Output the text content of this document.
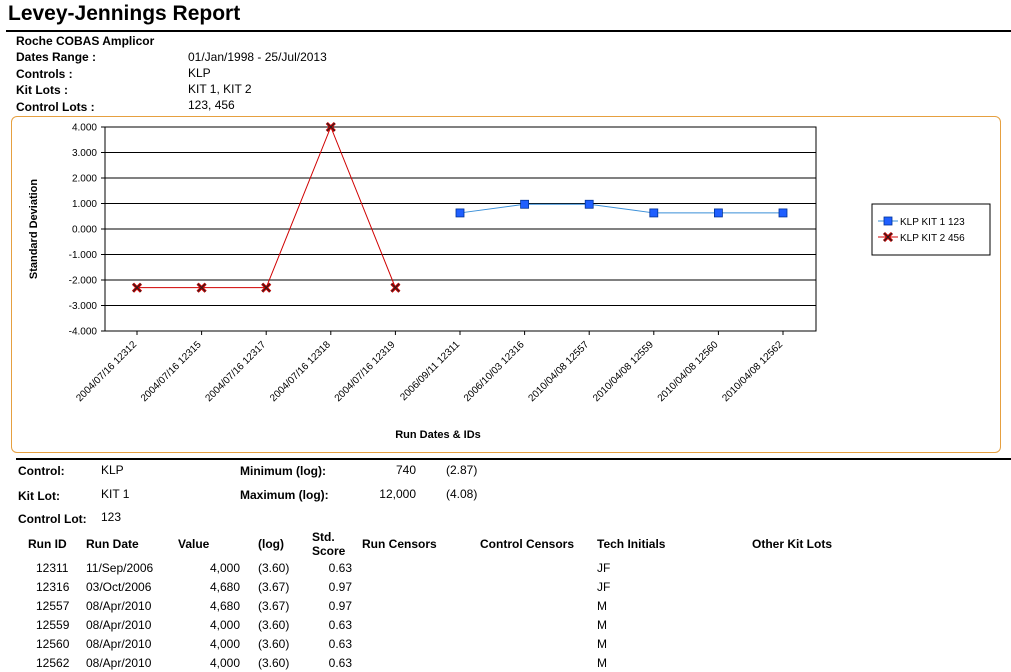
Levey-Jennings Report
Roche COBAS Amplicor
Dates Range :	01/Jan/1998 - 25/Jul/2013
Controls :	KLP
Kit Lots :	KIT 1, KIT 2
Control Lots :	123, 456
4.000
3.000
2.000
1.000
0.000
-1.000
-2.000
-3.000
-4.000
2004/07/16 12312 2004/07/16 12315 2004/07/16 12317 2004/07/16 12318 2004/07/16 12319 2006/09/11 12311 2006/10/03 12316 2010/04/08 12557 2010/04/08 12559 2010/04/08 12560 2010/04/08 12562
Standard Deviation
Run Dates & IDs
KLP KIT 1 123
KLP KIT 2 456
Control:	KLP
Kit Lot:	KIT 1
Control Lot: 123
Minimum (log):	740	(2.87)
Maximum (log):	12,000	(4.08)
Run ID	Run Date	Value	(log)	Std. Score	Run Censors	Control Censors	Tech Initials	Other Kit Lots
12311	11/Sep/2006	4,000	(3.60)	0.63			JF	
12316	03/Oct/2006	4,680	(3.67)	0.97			JF	
12557	08/Apr/2010	4,680	(3.67)	0.97			M	
12559	08/Apr/2010	4,000	(3.60)	0.63			M	
12560	08/Apr/2010	4,000	(3.60)	0.63			M	
12562	08/Apr/2010	4,000	(3.60)	0.63			M	
